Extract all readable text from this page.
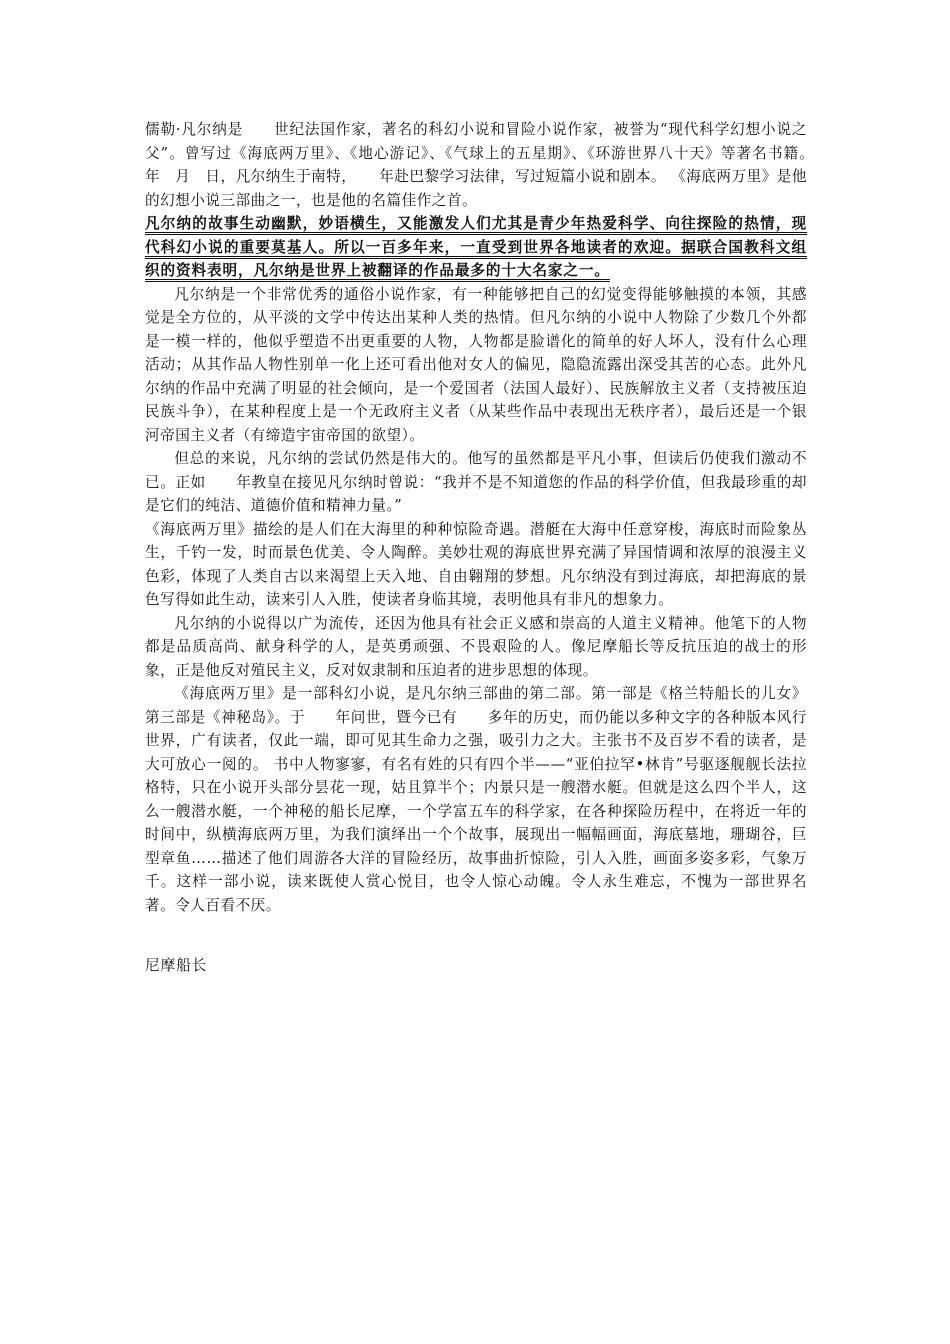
儒勒·凡尔纳是　　世纪法国作家，著名的科幻小说和冒险小说作家，被誉为“现代科学幻想小说之父”。曾写过《海底两万里》、《地心游记》、《气球上的五星期》、《环游世界八十天》等著名书籍。　　年　月　日，凡尔纳生于南特，　　年赴巴黎学习法律，写过短篇小说和剧本。 《海底两万里》是他的幻想小说三部曲之一，也是他的名篇佳作之首。

凡尔纳的故事生动幽默，妙语横生，又能激发人们尤其是青少年热爱科学、向往探险的热情，现代科幻小说的重要莫基人。所以一百多年来，一直受到世界各地读者的欢迎。据联合国教科文组织的资料表明，凡尔纳是世界上被翻译的作品最多的十大名家之一。

凡尔纳是一个非常优秀的通俗小说作家，有一种能够把自己的幻觉变得能够触摸的本领，其感觉是全方位的，从平淡的文学中传达出某种人类的热情。但凡尔纳的小说中人物除了少数几个外都是一模一样的，他似乎塑造不出更重要的人物，人物都是脸谱化的简单的好人坏人，没有什么心理活动；从其作品人物性别单一化上还可看出他对女人的偏见，隐隐流露出深受其苦的心态。此外凡尔纳的作品中充满了明显的社会倾向，是一个爱国者（法国人最好）、民族解放主义者（支持被压迫民族斗争），在某种程度上是一个无政府主义者（从某些作品中表现出无秩序者），最后还是一个银河帝国主义者（有缔造宇宙帝国的欲望）。

但总的来说，凡尔纳的尝试仍然是伟大的。他写的虽然都是平凡小事，但读后仍使我们激动不已。正如　　年教皇在接见凡尔纳时曾说：“我并不是不知道您的作品的科学价值，但我最珍重的却是它们的纯洁、道德价值和精神力量。”

《海底两万里》描绘的是人们在大海里的种种惊险奇遇。潜艇在大海中任意穿梭，海底时而险象丛生，千钓一发，时而景色优美、令人陶醉。美妙壮观的海底世界充满了异国情调和浓厚的浪漫主义色彩，体现了人类自古以来渴望上天入地、自由翱翔的梦想。凡尔纳没有到过海底，却把海底的景色写得如此生动，读来引人入胜，使读者身临其境，表明他具有非凡的想象力。

凡尔纳的小说得以广为流传，还因为他具有社会正义感和崇高的人道主义精神。他笔下的人物都是品质高尚、献身科学的人，是英勇顽强、不畏艰险的人。像尼摩船长等反抗压迫的战士的形象，正是他反对殖民主义，反对奴隶制和压迫者的进步思想的体现。

《海底两万里》是一部科幻小说，是凡尔纳三部曲的第二部。第一部是《格兰特船长的儿女》第三部是《神秘岛》。于　　年问世，暨今已有　　多年的历史，而仍能以多种文字的各种版本风行世界，广有读者，仅此一端，即可见其生命力之强，吸引力之大。主张书不及百岁不看的读者，是大可放心一阅的。 书中人物寥寥，有名有姓的只有四个半——“亚伯拉罕•林肯”号驱逐舰舰长法拉格特，只在小说开头部分昙花一现，姑且算半个；内景只是一艘潜水艇。但就是这么四个半人，这么一艘潜水艇，一个神秘的船长尼摩，一个学富五车的科学家，在各种探险历程中，在将近一年的时间中，纵横海底两万里，为我们演绎出一个个故事，展现出一幅幅画面，海底墓地，珊瑚谷，巨型章鱼……描述了他们周游各大洋的冒险经历，故事曲折惊险，引人入胜，画面多姿多彩，气象万千。这样一部小说，读来既使人赏心悦目，也令人惊心动魄。令人永生难忘，不愧为一部世界名著。令人百看不厌。

尼摩船长
